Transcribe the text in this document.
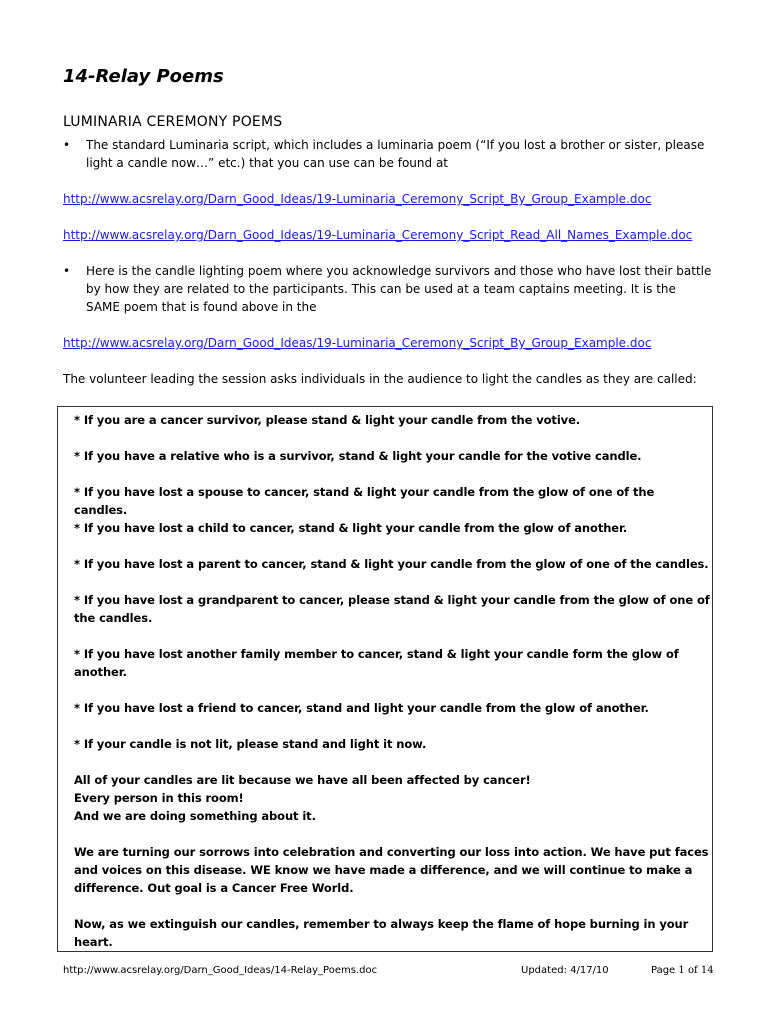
14-Relay Poems
LUMINARIA CEREMONY POEMS
•	The standard Luminaria script, which includes a luminaria poem (“If you lost a brother or sister, please light a candle now…” etc.) that you can use can be found at
http://www.acsrelay.org/Darn_Good_Ideas/19-Luminaria_Ceremony_Script_By_Group_Example.doc
http://www.acsrelay.org/Darn_Good_Ideas/19-Luminaria_Ceremony_Script_Read_All_Names_Example.doc
•	Here is the candle lighting poem where you acknowledge survivors and those who have lost their battle by how they are related to the participants. This can be used at a team captains meeting. It is the SAME poem that is found above in the
http://www.acsrelay.org/Darn_Good_Ideas/19-Luminaria_Ceremony_Script_By_Group_Example.doc

The volunteer leading the session asks individuals in the audience to light the candles as they are called:

* If you are a cancer survivor, please stand & light your candle from the votive.
* If you have a relative who is a survivor, stand & light your candle for the votive candle.
* If you have lost a spouse to cancer, stand & light your candle from the glow of one of the candles.
* If you have lost a child to cancer, stand & light your candle from the glow of another.
* If you have lost a parent to cancer, stand & light your candle from the glow of one of the candles.
* If you have lost a grandparent to cancer, please stand & light your candle from the glow of one of the candles.
* If you have lost another family member to cancer, stand & light your candle form the glow of another.
* If you have lost a friend to cancer, stand and light your candle from the glow of another.
* If your candle is not lit, please stand and light it now.
All of your candles are lit because we have all been affected by cancer!
Every person in this room!
And we are doing something about it.
We are turning our sorrows into celebration and converting our loss into action. We have put faces and voices on this disease. WE know we have made a difference, and we will continue to make a difference. Out goal is a Cancer Free World.
Now, as we extinguish our candles, remember to always keep the flame of hope burning in your heart.
http://www.acsrelay.org/Darn_Good_Ideas/14-Relay_Poems.doc	Updated: 4/17/10	Page 1 of 14
